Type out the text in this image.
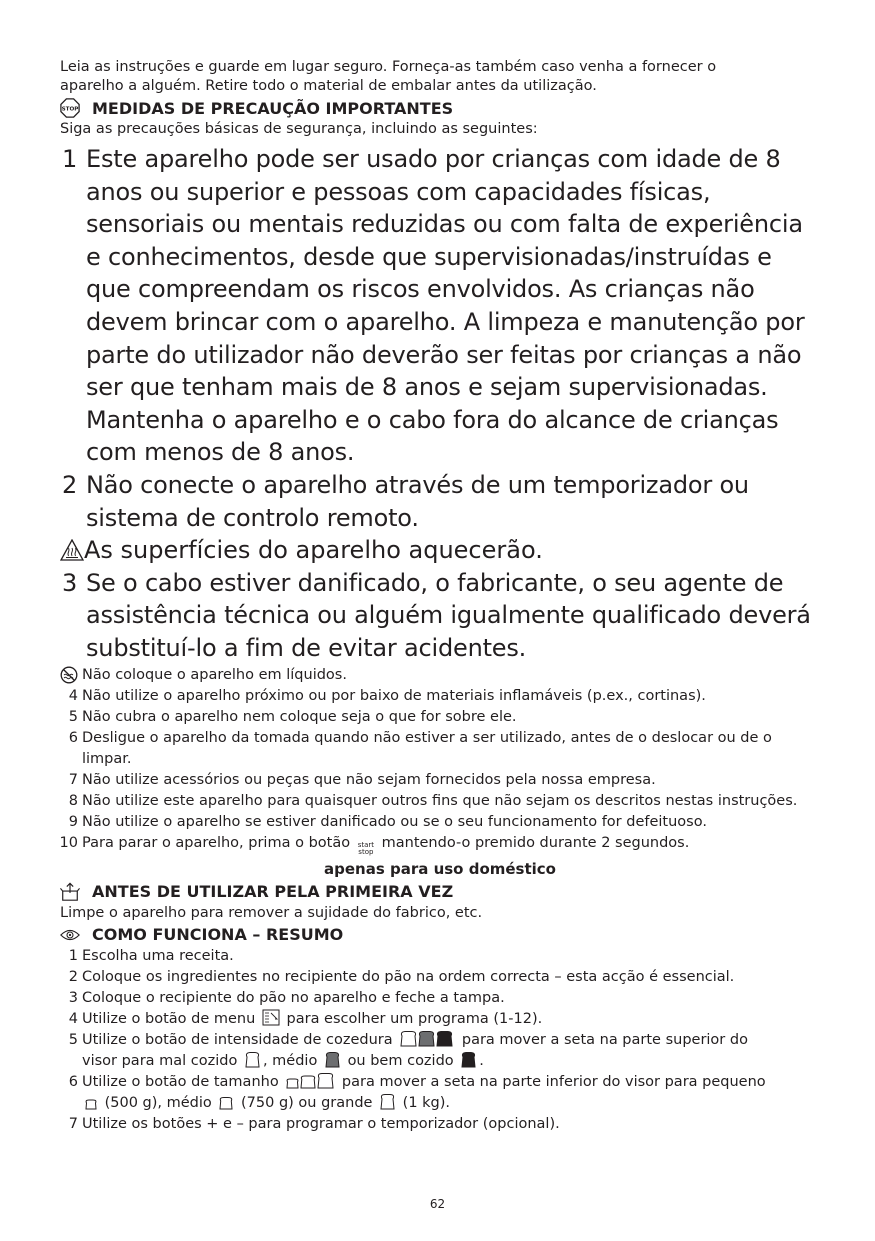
Leia as instruções e guarde em lugar seguro. Forneça-as também caso venha a fornecer o
aparelho a alguém. Retire todo o material de embalar antes da utilização.
STOP MEDIDAS DE PRECAUÇÃO IMPORTANTES
Siga as precauções básicas de segurança, incluindo as seguintes:
1 Este aparelho pode ser usado por crianças com idade de 8 anos ou superior e pessoas com capacidades físicas, sensoriais ou mentais reduzidas ou com falta de experiência e conhecimentos, desde que supervisionadas/instruídas e que compreendam os riscos envolvidos. As crianças não devem brincar com o aparelho. A limpeza e manutenção por parte do utilizador não deverão ser feitas por crianças a não ser que tenham mais de 8 anos e sejam supervisionadas. Mantenha o aparelho e o cabo fora do alcance de crianças com menos de 8 anos.
2 Não conecte o aparelho através de um temporizador ou sistema de controlo remoto.
As superfícies do aparelho aquecerão.
3 Se o cabo estiver danificado, o fabricante, o seu agente de assistência técnica ou alguém igualmente qualificado deverá substituí-lo a fim de evitar acidentes.
Não coloque o aparelho em líquidos.
4 Não utilize o aparelho próximo ou por baixo de materiais inflamáveis (p.ex., cortinas).
5 Não cubra o aparelho nem coloque seja o que for sobre ele.
6 Desligue o aparelho da tomada quando não estiver a ser utilizado, antes de o deslocar ou de o limpar.
7 Não utilize acessórios ou peças que não sejam fornecidos pela nossa empresa.
8 Não utilize este aparelho para quaisquer outros fins que não sejam os descritos nestas instruções.
9 Não utilize o aparelho se estiver danificado ou se o seu funcionamento for defeituoso.
10 Para parar o aparelho, prima o botão start
stop
mantendo-o premido durante 2 segundos.
apenas para uso doméstico
ANTES DE UTILIZAR PELA PRIMEIRA VEZ
Limpe o aparelho para remover a sujidade do fabrico, etc.
COMO FUNCIONA – RESUMO
1 Escolha uma receita.
2 Coloque os ingredientes no recipiente do pão na ordem correcta – esta acção é essencial.
3 Coloque o recipiente do pão no aparelho e feche a tampa.
4 Utilize o botão de menu para escolher um programa (1-12).
5 Utilize o botão de intensidade de cozedura	para mover a seta na parte superior do
visor para mal cozido , médio ou bem cozido .
6 Utilize o botão de tamanho	para mover a seta na parte inferior do visor para pequeno
(500 g), médio (750 g) ou grande (1 kg).
7 Utilize os botões + e – para programar o temporizador (opcional).
62
